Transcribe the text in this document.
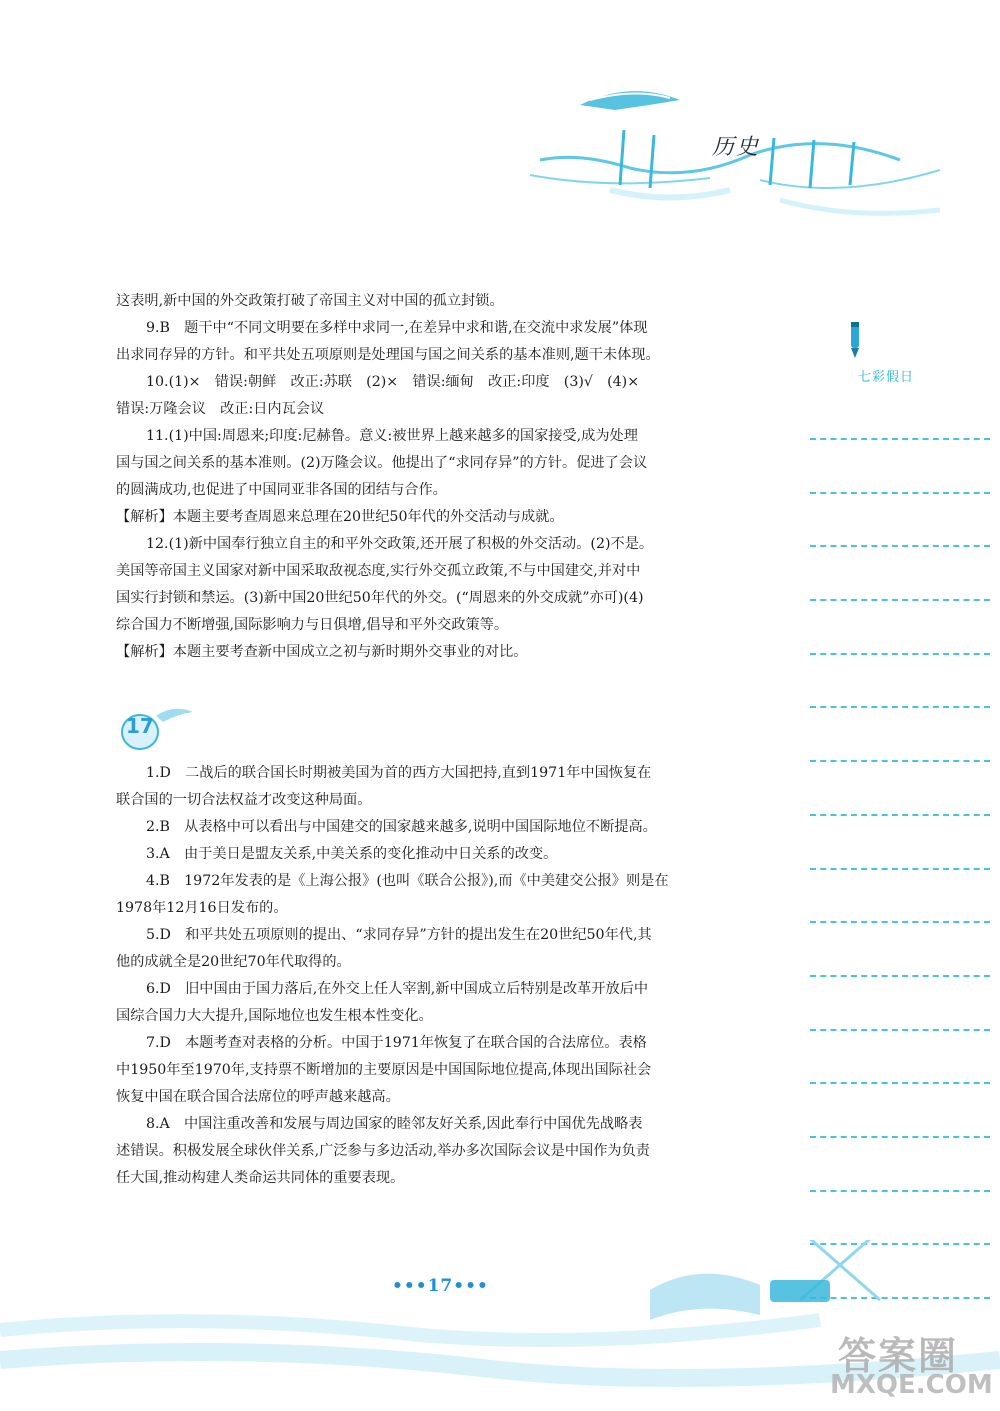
历史
这表明,新中国的外交政策打破了帝国主义对中国的孤立封锁。
9.B　题干中“不同文明要在多样中求同一,在差异中求和谐,在交流中求发展”体现
出求同存异的方针。和平共处五项原则是处理国与国之间关系的基本准则,题干未体现。
10.(1)×　错误:朝鲜　改正:苏联　(2)×　错误:缅甸　改正:印度　(3)√　(4)×
错误:万隆会议　改正:日内瓦会议
11.(1)中国:周恩来;印度:尼赫鲁。意义:被世界上越来越多的国家接受,成为处理
国与国之间关系的基本准则。(2)万隆会议。他提出了“求同存异”的方针。促进了会议
的圆满成功,也促进了中国同亚非各国的团结与合作。
【解析】本题主要考查周恩来总理在20世纪50年代的外交活动与成就。
12.(1)新中国奉行独立自主的和平外交政策,还开展了积极的外交活动。(2)不是。
美国等帝国主义国家对新中国采取敌视态度,实行外交孤立政策,不与中国建交,并对中
国实行封锁和禁运。(3)新中国20世纪50年代的外交。(“周恩来的外交成就”亦可)(4)
综合国力不断增强,国际影响力与日俱增,倡导和平外交政策等。
【解析】本题主要考查新中国成立之初与新时期外交事业的对比。
17
1.D　二战后的联合国长时期被美国为首的西方大国把持,直到1971年中国恢复在
联合国的一切合法权益才改变这种局面。
2.B　从表格中可以看出与中国建交的国家越来越多,说明中国国际地位不断提高。
3.A　由于美日是盟友关系,中美关系的变化推动中日关系的改变。
4.B　1972年发表的是《上海公报》(也叫《联合公报》),而《中美建交公报》则是在
1978年12月16日发布的。
5.D　和平共处五项原则的提出、“求同存异”方针的提出发生在20世纪50年代,其
他的成就全是20世纪70年代取得的。
6.D　旧中国由于国力落后,在外交上任人宰割,新中国成立后特别是改革开放后中
国综合国力大大提升,国际地位也发生根本性变化。
7.D　本题考查对表格的分析。中国于1971年恢复了在联合国的合法席位。表格
中1950年至1970年,支持票不断增加的主要原因是中国国际地位提高,体现出国际社会
恢复中国在联合国合法席位的呼声越来越高。
8.A　中国注重改善和发展与周边国家的睦邻友好关系,因此奉行中国优先战略表
述错误。积极发展全球伙伴关系,广泛参与多边活动,举办多次国际会议是中国作为负责
任大国,推动构建人类命运共同体的重要表现。
七彩假日
•••17•••
答案圈
MXQE.COM
